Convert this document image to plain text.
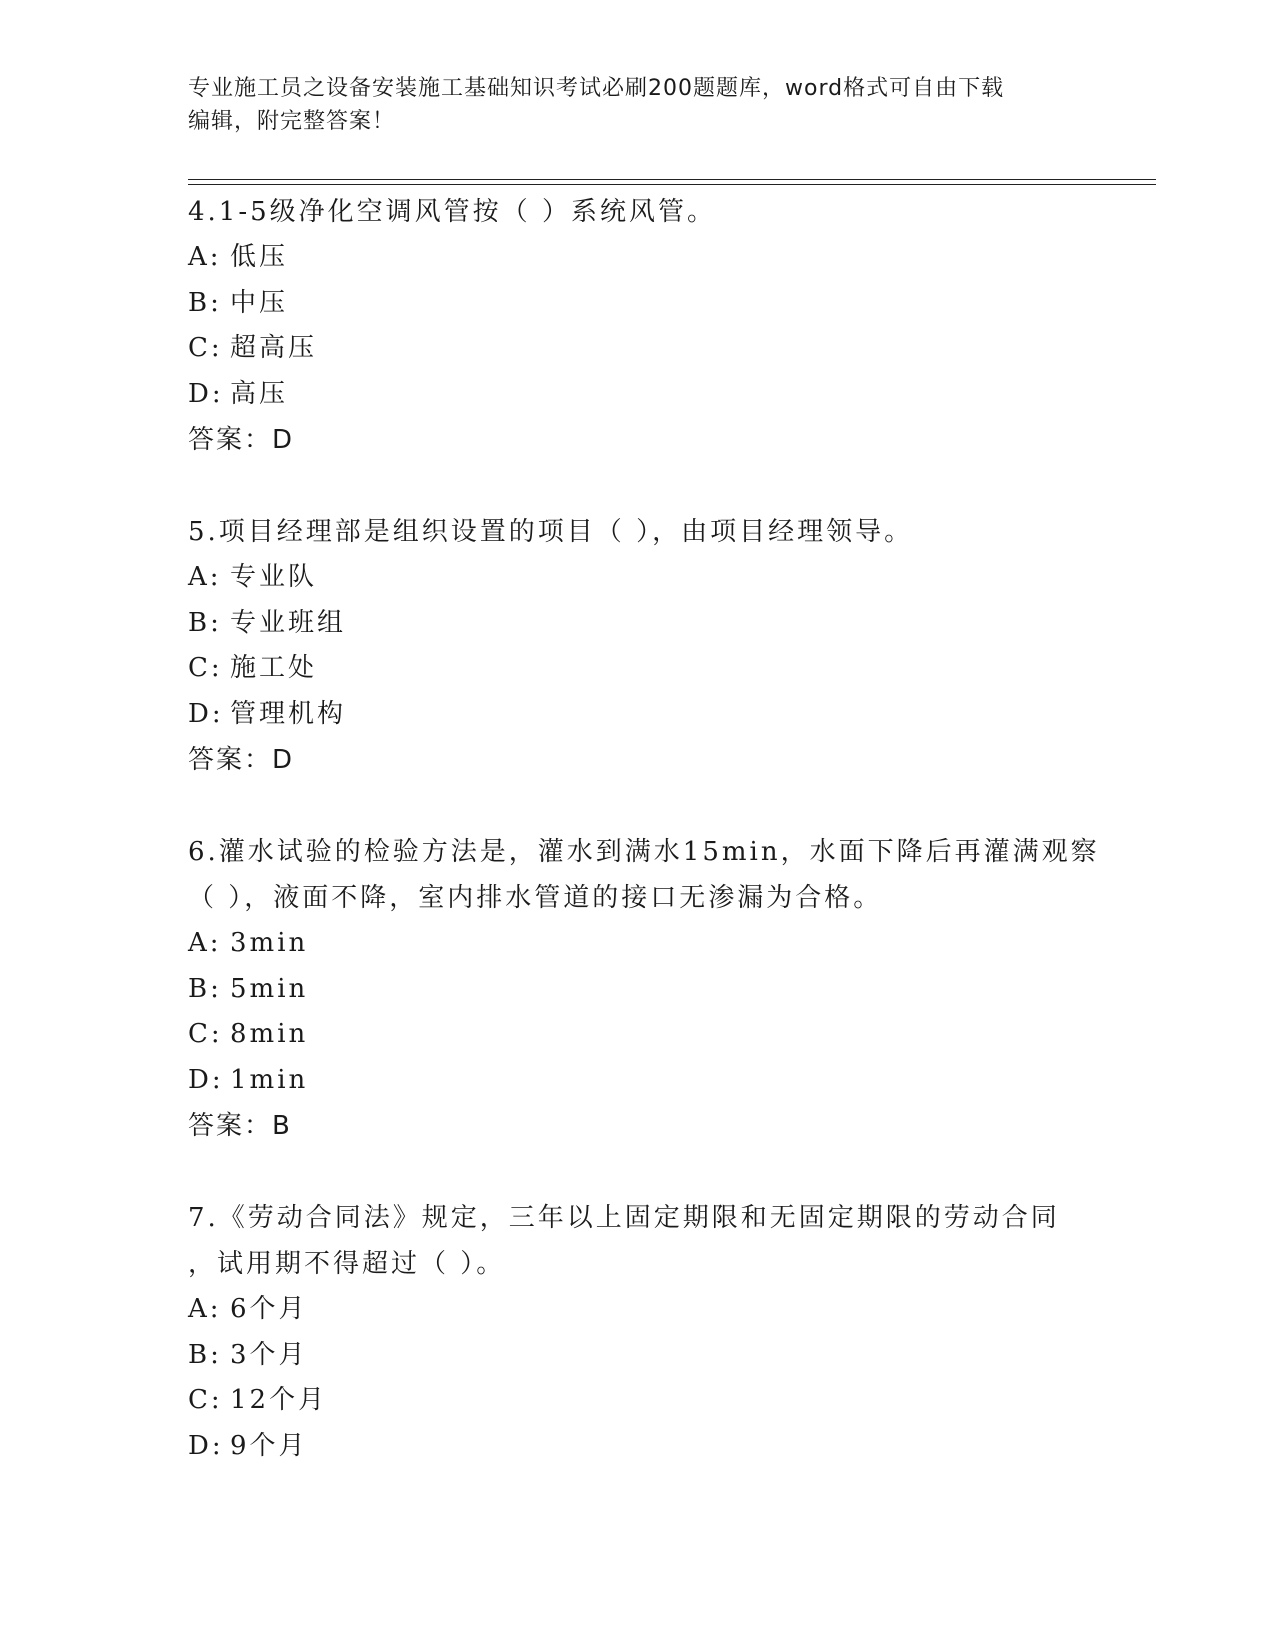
专业施工员之设备安装施工基础知识考试必刷200题题库，word格式可自由下载
编辑，附完整答案！
4.1-5级净化空调风管按（ ）系统风管。
A: 低压
B: 中压
C: 超高压
D: 高压
答案：D
5.项目经理部是组织设置的项目（ ），由项目经理领导。
A: 专业队
B: 专业班组
C: 施工处
D: 管理机构
答案：D
6.灌水试验的检验方法是，灌水到满水15min，水面下降后再灌满观察
（ ），液面不降，室内排水管道的接口无渗漏为合格。
A: 3min
B: 5min
C: 8min
D: 1min
答案：B
7.《劳动合同法》规定，三年以上固定期限和无固定期限的劳动合同
，试用期不得超过（ ）。
A: 6个月
B: 3个月
C: 12个月
D: 9个月
